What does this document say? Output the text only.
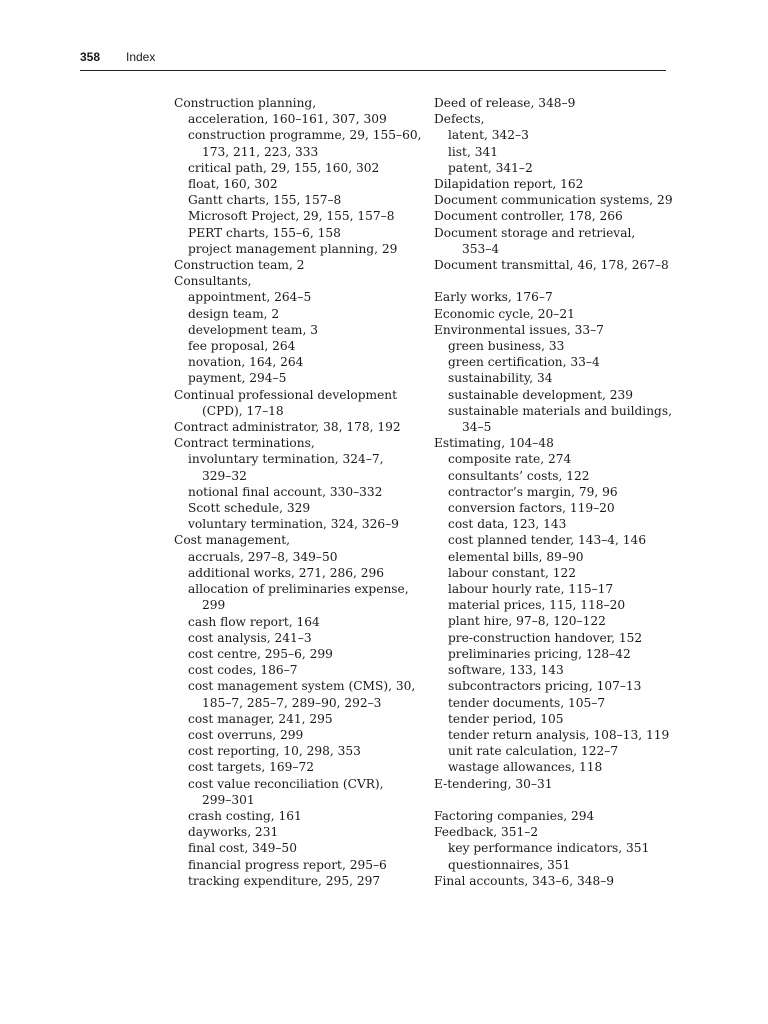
358 Index
Construction planning,
acceleration, 160–161, 307, 309
construction programme, 29, 155–60,
173, 211, 223, 333
critical path, 29, 155, 160, 302
float, 160, 302
Gantt charts, 155, 157–8
Microsoft Project, 29, 155, 157–8
PERT charts, 155–6, 158
project management planning, 29
Construction team, 2
Consultants,
appointment, 264–5
design team, 2
development team, 3
fee proposal, 264
novation, 164, 264
payment, 294–5
Continual professional development
(CPD), 17–18
Contract administrator, 38, 178, 192
Contract terminations,
involuntary termination, 324–7,
329–32
notional final account, 330–332
Scott schedule, 329
voluntary termination, 324, 326–9
Cost management,
accruals, 297–8, 349–50
additional works, 271, 286, 296
allocation of preliminaries expense,
299
cash flow report, 164
cost analysis, 241–3
cost centre, 295–6, 299
cost codes, 186–7
cost management system (CMS), 30,
185–7, 285–7, 289–90, 292–3
cost manager, 241, 295
cost overruns, 299
cost reporting, 10, 298, 353
cost targets, 169–72
cost value reconciliation (CVR),
299–301
crash costing, 161
dayworks, 231
final cost, 349–50
financial progress report, 295–6
tracking expenditure, 295, 297
Deed of release, 348–9
Defects,
latent, 342–3
list, 341
patent, 341–2
Dilapidation report, 162
Document communication systems, 29
Document controller, 178, 266
Document storage and retrieval,
353–4
Document transmittal, 46, 178, 267–8
Early works, 176–7
Economic cycle, 20–21
Environmental issues, 33–7
green business, 33
green certification, 33–4
sustainability, 34
sustainable development, 239
sustainable materials and buildings,
34–5
Estimating, 104–48
composite rate, 274
consultants’ costs, 122
contractor’s margin, 79, 96
conversion factors, 119–20
cost data, 123, 143
cost planned tender, 143–4, 146
elemental bills, 89–90
labour constant, 122
labour hourly rate, 115–17
material prices, 115, 118–20
plant hire, 97–8, 120–122
pre-construction handover, 152
preliminaries pricing, 128–42
software, 133, 143
subcontractors pricing, 107–13
tender documents, 105–7
tender period, 105
tender return analysis, 108–13, 119
unit rate calculation, 122–7
wastage allowances, 118
E-tendering, 30–31
Factoring companies, 294
Feedback, 351–2
key performance indicators, 351
questionnaires, 351
Final accounts, 343–6, 348–9
